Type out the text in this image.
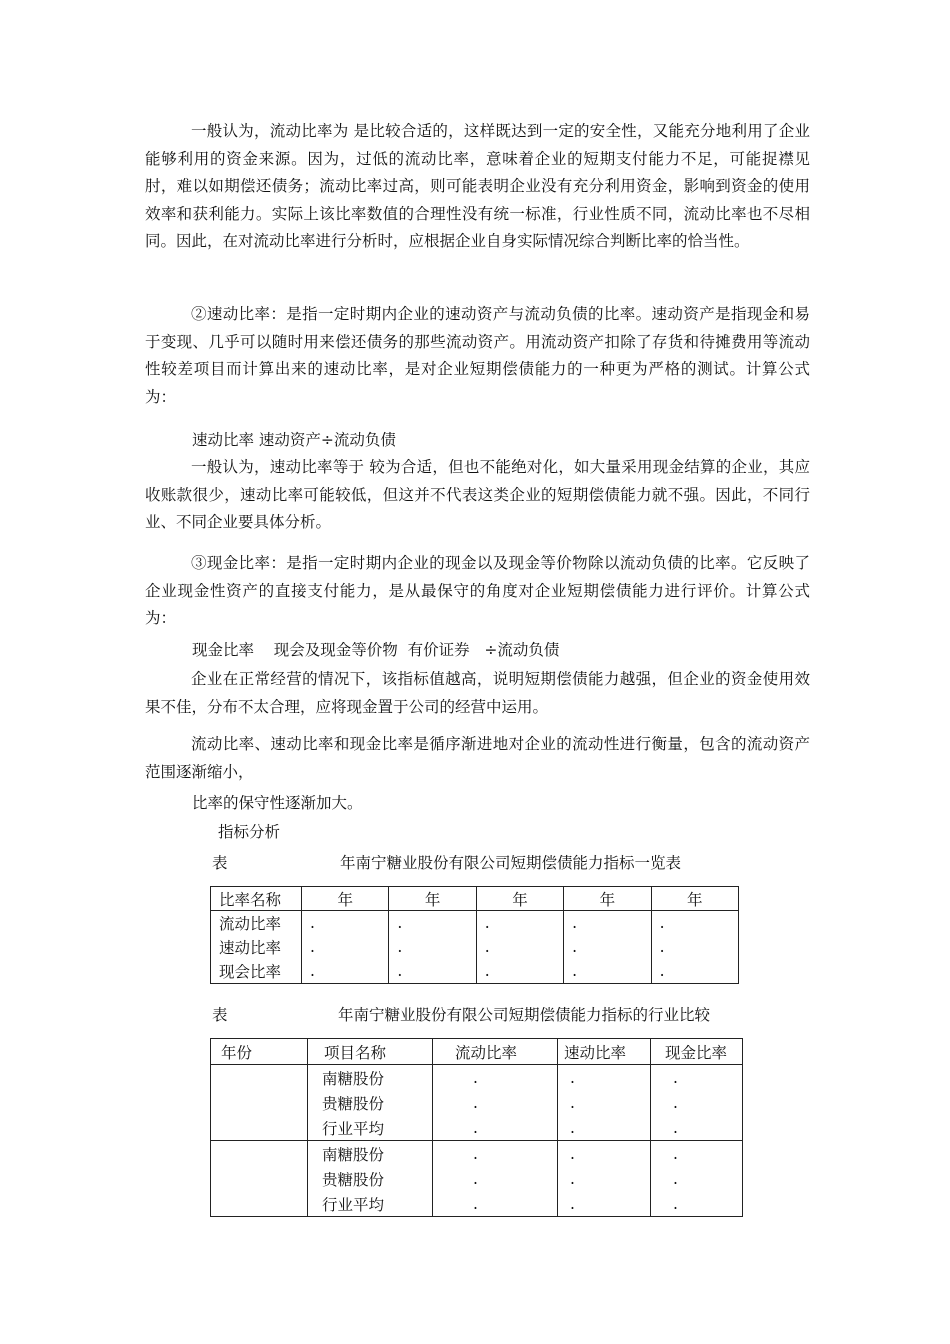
一般认为，流动比率为 是比较合适的，这样既达到一定的安全性，又能充分地利用了企业能够利用的资金来源。因为，过低的流动比率，意味着企业的短期支付能力不足，可能捉襟见肘，难以如期偿还债务；流动比率过高，则可能表明企业没有充分利用资金，影响到资金的使用效率和获利能力。实际上该比率数值的合理性没有统一标准，行业性质不同，流动比率也不尽相同。因此，在对流动比率进行分析时，应根据企业自身实际情况综合判断比率的恰当性。

②速动比率：是指一定时期内企业的速动资产与流动负债的比率。速动资产是指现金和易于变现、几乎可以随时用来偿还债务的那些流动资产。用流动资产扣除了存货和待摊费用等流动性较差项目而计算出来的速动比率，是对企业短期偿债能力的一种更为严格的测试。计算公式为：

速动比率 速动资产÷流动负债

一般认为，速动比率等于 较为合适，但也不能绝对化，如大量采用现金结算的企业，其应收账款很少，速动比率可能较低，但这并不代表这类企业的短期偿债能力就不强。因此，不同行业、不同企业要具体分析。

③现金比率：是指一定时期内企业的现金以及现金等价物除以流动负债的比率。它反映了企业现金性资产的直接支付能力，是从最保守的角度对企业短期偿债能力进行评价。计算公式为：

现金比率    现会及现金等价物  有价证券   ÷流动负债

企业在正常经营的情况下，该指标值越高，说明短期偿债能力越强，但企业的资金使用效果不佳，分布不太合理，应将现金置于公司的经营中运用。

流动比率、速动比率和现金比率是循序渐进地对企业的流动性进行衡量，包含的流动资产范围逐渐缩小，

比率的保守性逐渐加大。

指标分析

表	年南宁糖业股份有限公司短期偿债能力指标一览表
比率名称	年	年	年	年	年
流动比率	.	.	.	.	.
速动比率	.	.	.	.	.
现会比率	.	.	.	.	.
表	年南宁糖业股份有限公司短期偿债能力指标的行业比较
年份	项目名称	流动比率	速动比率	现金比率
	南糖股份	.	.	.
	贵糖股份	.	.	.
	行业平均	.	.	.
	南糖股份	.	.	.
	贵糖股份	.	.	.
	行业平均	.	.	.
